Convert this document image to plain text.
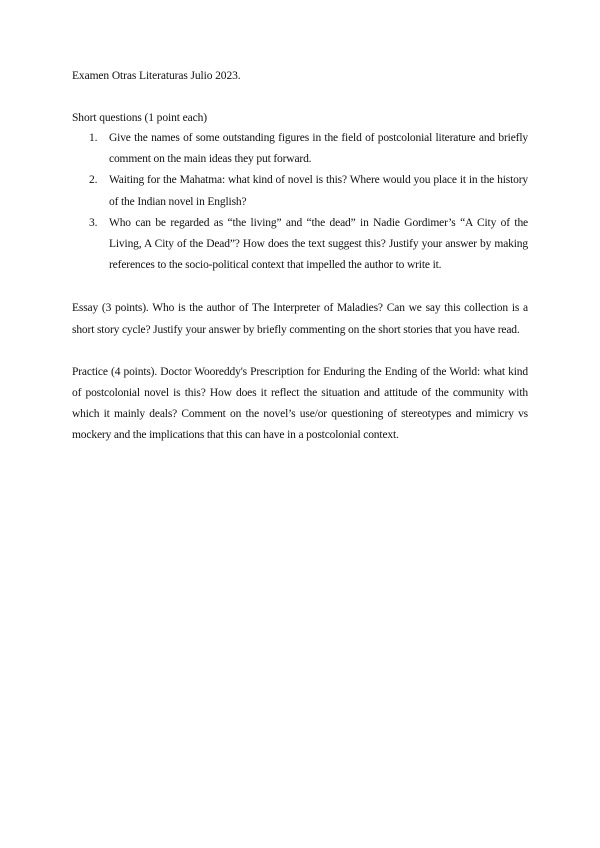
Examen Otras Literaturas Julio 2023.

Short questions (1 point each)

1. Give the names of some outstanding figures in the field of postcolonial literature and briefly comment on the main ideas they put forward.
2. Waiting for the Mahatma: what kind of novel is this? Where would you place it in the history of the Indian novel in English?
3. Who can be regarded as “the living” and “the dead” in Nadie Gordimer’s “A City of the Living, A City of the Dead”? How does the text suggest this? Justify your answer by making references to the socio-political context that impelled the author to write it.

Essay (3 points). Who is the author of The Interpreter of Maladies? Can we say this collection is a short story cycle? Justify your answer by briefly commenting on the short stories that you have read.

Practice (4 points). Doctor Wooreddy's Prescription for Enduring the Ending of the World: what kind of postcolonial novel is this? How does it reflect the situation and attitude of the community with which it mainly deals? Comment on the novel’s use/or questioning of stereotypes and mimicry vs mockery and the implications that this can have in a postcolonial context.
